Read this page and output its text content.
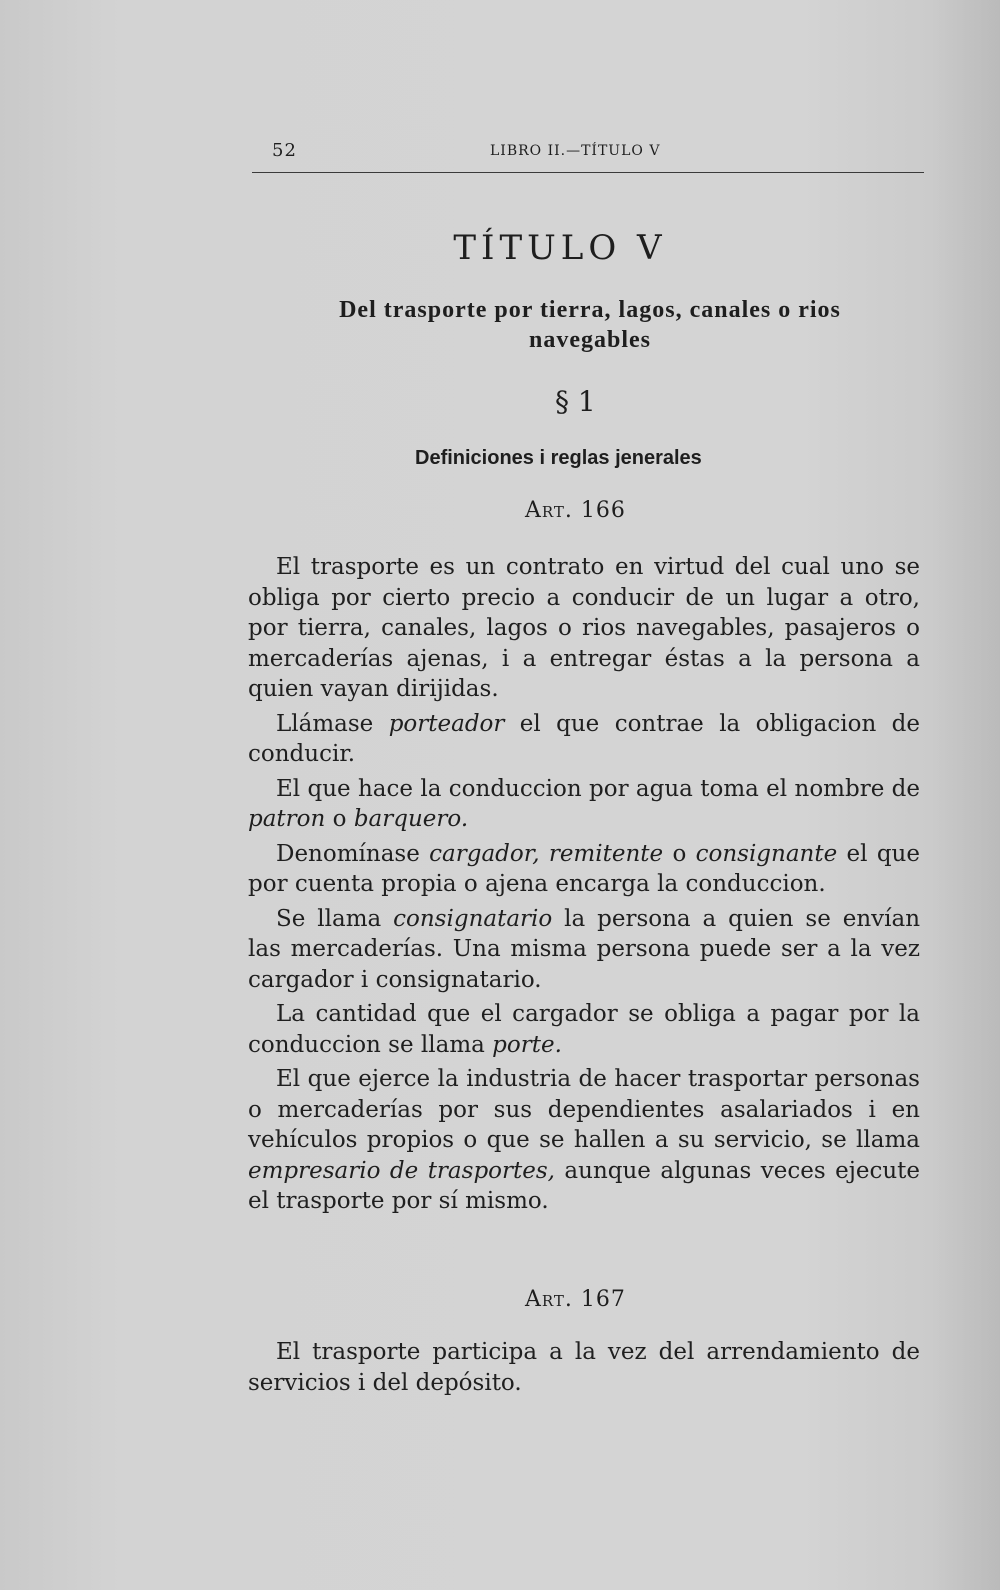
52	LIBRO II.—TÍTULO V
TÍTULO V
Del trasporte por tierra, lagos, canales o rios navegables
§ 1
Definiciones i reglas jenerales
Art. 166

El trasporte es un contrato en virtud del cual uno se obliga por cierto precio a conducir de un lugar a otro, por tierra, canales, lagos o rios navegables, pasajeros o mercaderías ajenas, i a entregar éstas a la persona a quien vayan dirijidas.

Llámase porteador el que contrae la obligacion de conducir.

El que hace la conduccion por agua toma el nombre de patron o barquero.

Denomínase cargador, remitente o consignante el que por cuenta propia o ajena encarga la conduccion.

Se llama consignatario la persona a quien se envían las mercaderías. Una misma persona puede ser a la vez cargador i consignatario.

La cantidad que el cargador se obliga a pagar por la conduccion se llama porte.

El que ejerce la industria de hacer trasportar personas o mercaderías por sus dependientes asalariados i en vehículos propios o que se hallen a su servicio, se llama empresario de trasportes, aunque algunas veces ejecute el trasporte por sí mismo.

Art. 167

El trasporte participa a la vez del arrendamiento de servicios i del depósito.
